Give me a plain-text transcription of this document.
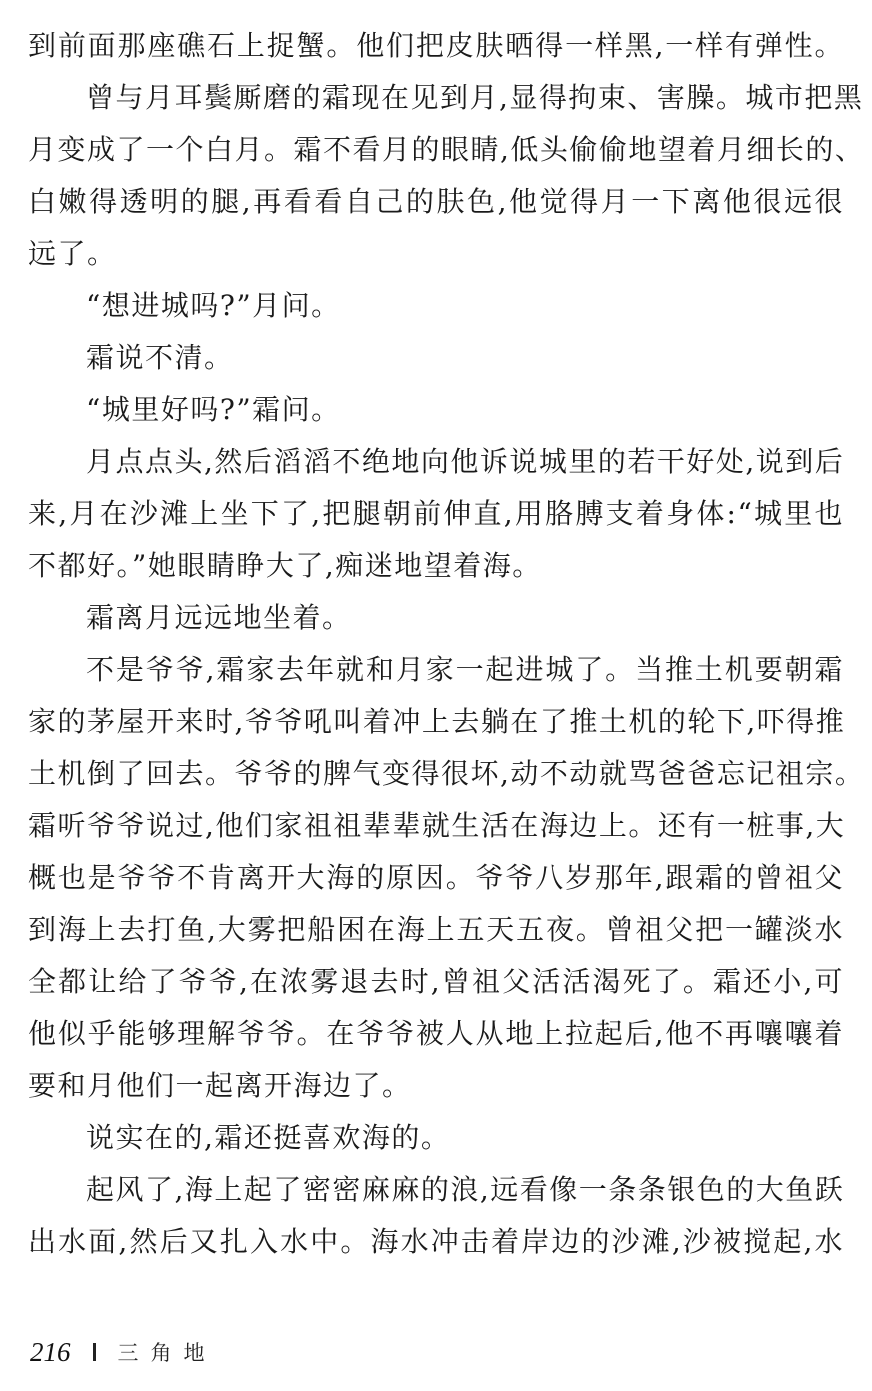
到前面那座礁石上捉蟹。他们把皮肤晒得一样黑,一样有弹性。
曾与月耳鬓厮磨的霜现在见到月,显得拘束、害臊。城市把黑
月变成了一个白月。霜不看月的眼睛,低头偷偷地望着月细长的、
白嫩得透明的腿,再看看自己的肤色,他觉得月一下离他很远很
远了。
“想进城吗?”月问。
霜说不清。
“城里好吗?”霜问。
月点点头,然后滔滔不绝地向他诉说城里的若干好处,说到后
来,月在沙滩上坐下了,把腿朝前伸直,用胳膊支着身体:“城里也
不都好。”她眼睛睁大了,痴迷地望着海。
霜离月远远地坐着。
不是爷爷,霜家去年就和月家一起进城了。当推土机要朝霜
家的茅屋开来时,爷爷吼叫着冲上去躺在了推土机的轮下,吓得推
土机倒了回去。爷爷的脾气变得很坏,动不动就骂爸爸忘记祖宗。
霜听爷爷说过,他们家祖祖辈辈就生活在海边上。还有一桩事,大
概也是爷爷不肯离开大海的原因。爷爷八岁那年,跟霜的曾祖父
到海上去打鱼,大雾把船困在海上五天五夜。曾祖父把一罐淡水
全都让给了爷爷,在浓雾退去时,曾祖父活活渴死了。霜还小,可
他似乎能够理解爷爷。在爷爷被人从地上拉起后,他不再嚷嚷着
要和月他们一起离开海边了。
说实在的,霜还挺喜欢海的。
起风了,海上起了密密麻麻的浪,远看像一条条银色的大鱼跃
出水面,然后又扎入水中。海水冲击着岸边的沙滩,沙被搅起,水
216 三角地
